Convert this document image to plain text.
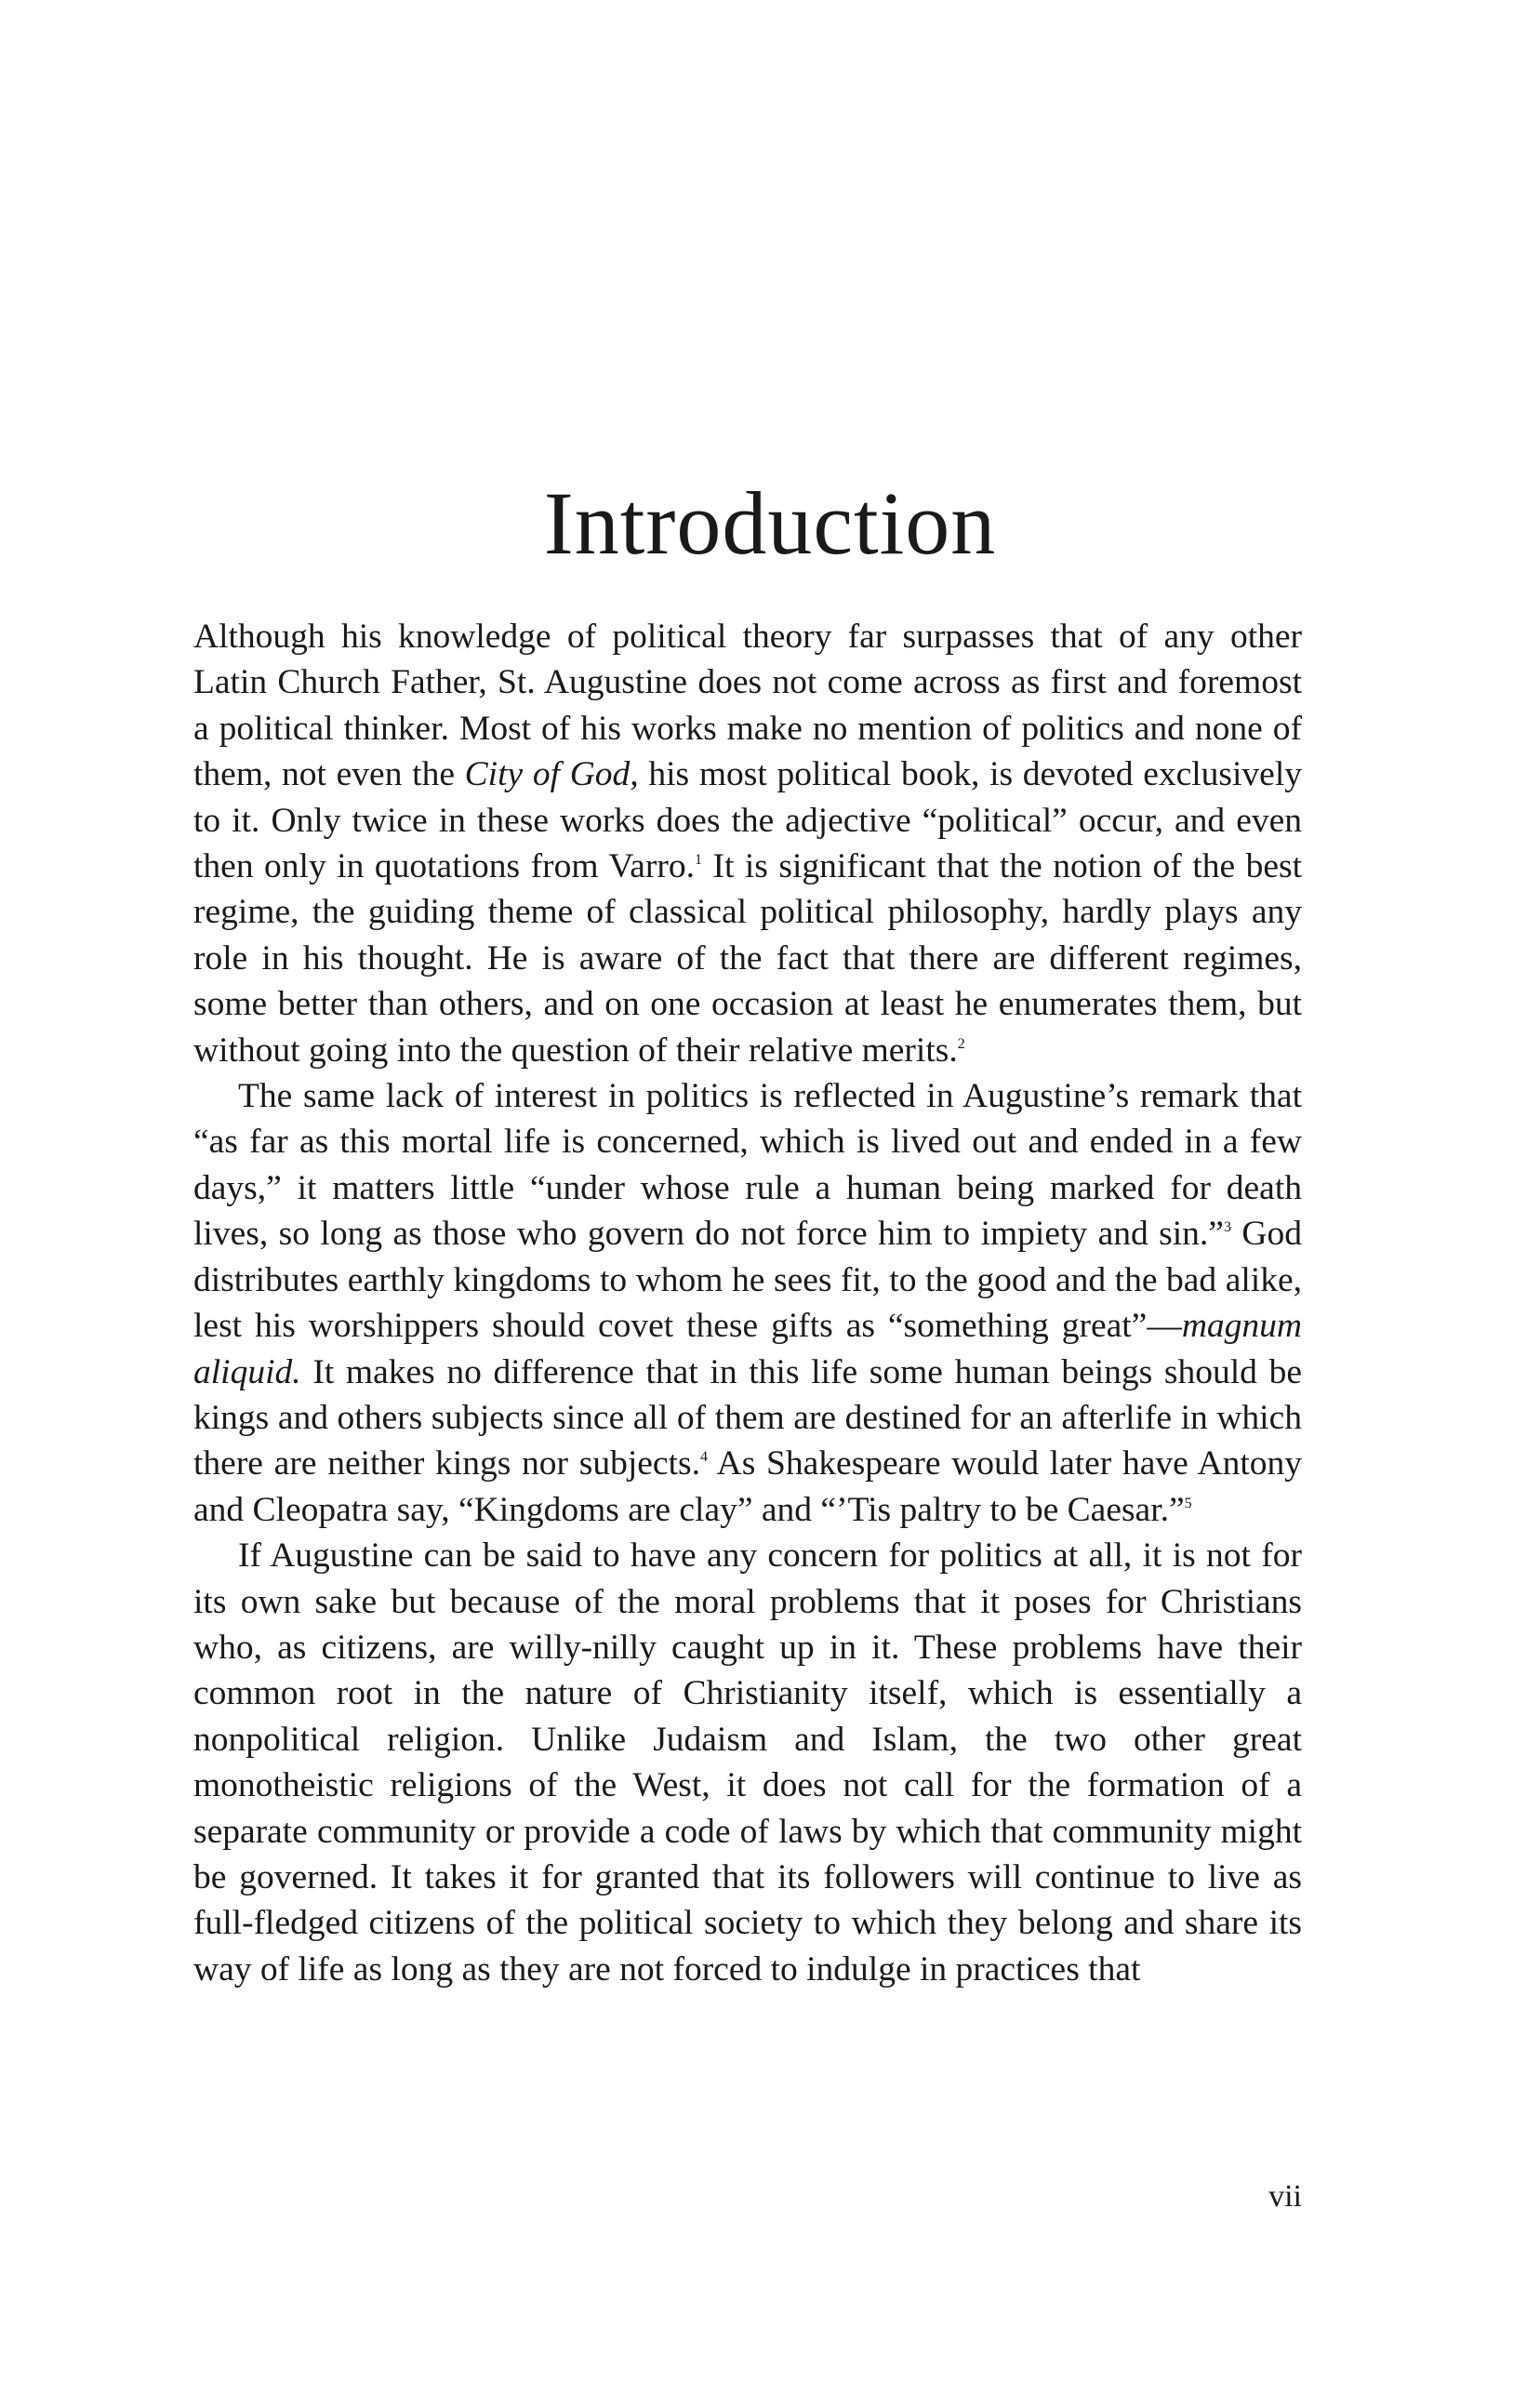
Introduction

Although his knowledge of political theory far surpasses that of any other Latin Church Father, St. Augustine does not come across as first and foremost a political thinker. Most of his works make no mention of politics and none of them, not even the City of God, his most political book, is devoted exclusively to it. Only twice in these works does the adjective “political” occur, and even then only in quotations from Varro.$^1$ It is significant that the notion of the best regime, the guiding theme of classical political philosophy, hardly plays any role in his thought. He is aware of the fact that there are different regimes, some better than others, and on one occasion at least he enumerates them, but without going into the question of their relative merits.$^2$

The same lack of interest in politics is reflected in Augustine’s remark that “as far as this mortal life is concerned, which is lived out and ended in a few days,” it matters little “under whose rule a human being marked for death lives, so long as those who govern do not force him to impiety and sin.”$^3$ God distributes earthly kingdoms to whom he sees fit, to the good and the bad alike, lest his worshippers should covet these gifts as “something great”—magnum aliquid. It makes no difference that in this life some human beings should be kings and others subjects since all of them are destined for an afterlife in which there are neither kings nor subjects.$^4$ As Shakespeare would later have Antony and Cleopatra say, “Kingdoms are clay” and “’Tis paltry to be Caesar.”$^5$

If Augustine can be said to have any concern for politics at all, it is not for its own sake but because of the moral problems that it poses for Christians who, as citizens, are willy-nilly caught up in it. These problems have their common root in the nature of Christianity itself, which is essentially a nonpolitical religion. Unlike Judaism and Islam, the two other great monotheistic religions of the West, it does not call for the formation of a separate community or provide a code of laws by which that community might be governed. It takes it for granted that its followers will continue to live as full-fledged citizens of the political society to which they belong and share its way of life as long as they are not forced to indulge in practices that

vii
